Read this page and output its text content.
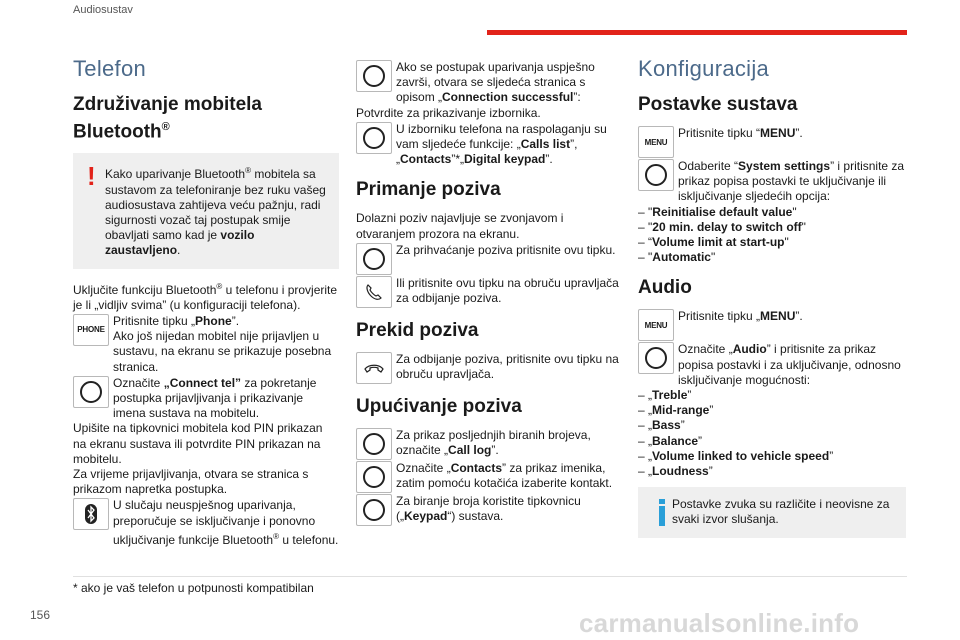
Audiosustav
Telefon
Združivanje mobitela Bluetooth®
! Kako uparivanje Bluetooth® mobitela sa sustavom za telefoniranje bez ruku vašeg audiosustava zahtijeva veću pažnju, radi sigurnosti vozač taj postupak smije obavljati samo kad je vozilo zaustavljeno.
Uključite funkciju Bluetooth® u telefonu i provjerite je li „vidljiv svima” (u konfiguraciji telefona).
PHONE
Pritisnite tipku „Phone”.
Ako još nijedan mobitel nije prijavljen u sustavu, na ekranu se prikazuje posebna stranica.
Označite „Connect tel” za pokretanje postupka prijavljivanja i prikazivanje imena sustava na mobitelu.
Upišite na tipkovnici mobitela kod PIN prikazan na ekranu sustava ili potvrdite PIN prikazan na mobitelu.
Za vrijeme prijavljivanja, otvara se stranica s prikazom napretka postupka.
U slučaju neuspješnog uparivanja, preporučuje se isključivanje i ponovno uključivanje funkcije Bluetooth® u telefonu.
Ako se postupak uparivanja uspješno završi, otvara se sljedeća stranica s opisom „Connection successful”:
Potvrdite za prikazivanje izbornika.
U izborniku telefona na raspolaganju su vam sljedeće funkcije: „Calls list”, „Contacts”*„Digital keypad”.
Primanje poziva
Dolazni poziv najavljuje se zvonjavom i otvaranjem prozora na ekranu.
Za prihvaćanje poziva pritisnite ovu tipku.
Ili pritisnite ovu tipku na obruču upravljača za odbijanje poziva.
Prekid poziva
Za odbijanje poziva, pritisnite ovu tipku na obruču upravljača.
Upućivanje poziva
Za prikaz posljednjih biranih brojeva, označite „Call log”.
Označite „Contacts” za prikaz imenika, zatim pomoću kotačića izaberite kontakt.
Za biranje broja koristite tipkovnicu („Keypad“) sustava.
Konfiguracija
Postavke sustava
MENU
Pritisnite tipku “MENU”.
Odaberite “System settings” i pritisnite za prikaz popisa postavki te uključivanje ili isključivanje sljedećih opcija:
– "Reinitialise default value"
– "20 min. delay to switch off"
– “Volume limit at start-up"
– "Automatic"
Audio
MENU
Pritisnite tipku „MENU”.
Označite „Audio” i pritisnite za prikaz popisa postavki i za uključivanje, odnosno isključivanje mogućnosti:
– „Treble”
– „Mid-range”
– „Bass”
– „Balance”
– „Volume linked to vehicle speed”
– „Loudness”
Postavke zvuka su različite i neovisne za svaki izvor slušanja.
* ako je vaš telefon u potpunosti kompatibilan
156	carmanualsonline.info
